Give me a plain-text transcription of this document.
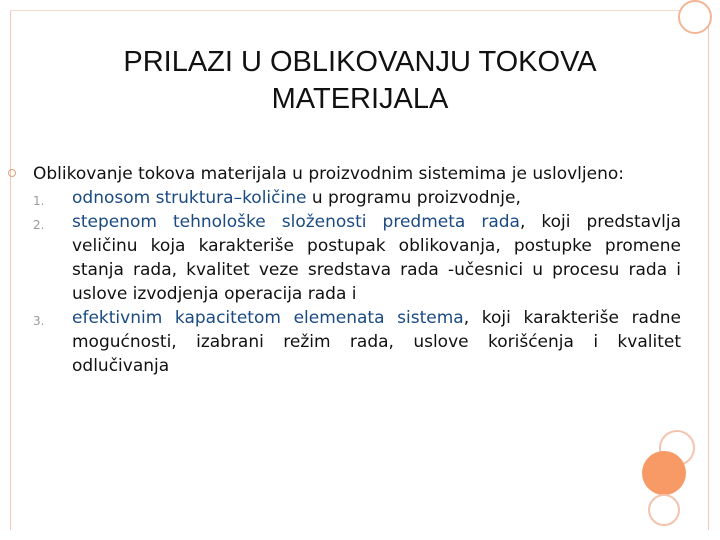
PRILAZI U OBLIKOVANJU TOKOVA
MATERIJALA
Oblikovanje tokova materijala u proizvodnim sistemima je uslovljeno:
1. odnosom struktura–količine u programu proizvodnje,
2. stepenom tehnološke složenosti predmeta rada, koji predstavlja veličinu koja karakteriše postupak oblikovanja, postupke promene stanja rada, kvalitet veze sredstava rada -učesnici u procesu rada i uslove izvodjenja operacija rada i
3. efektivnim kapacitetom elemenata sistema, koji karakteriše radne mogućnosti, izabrani režim rada, uslove korišćenja i kvalitet odlučivanja
